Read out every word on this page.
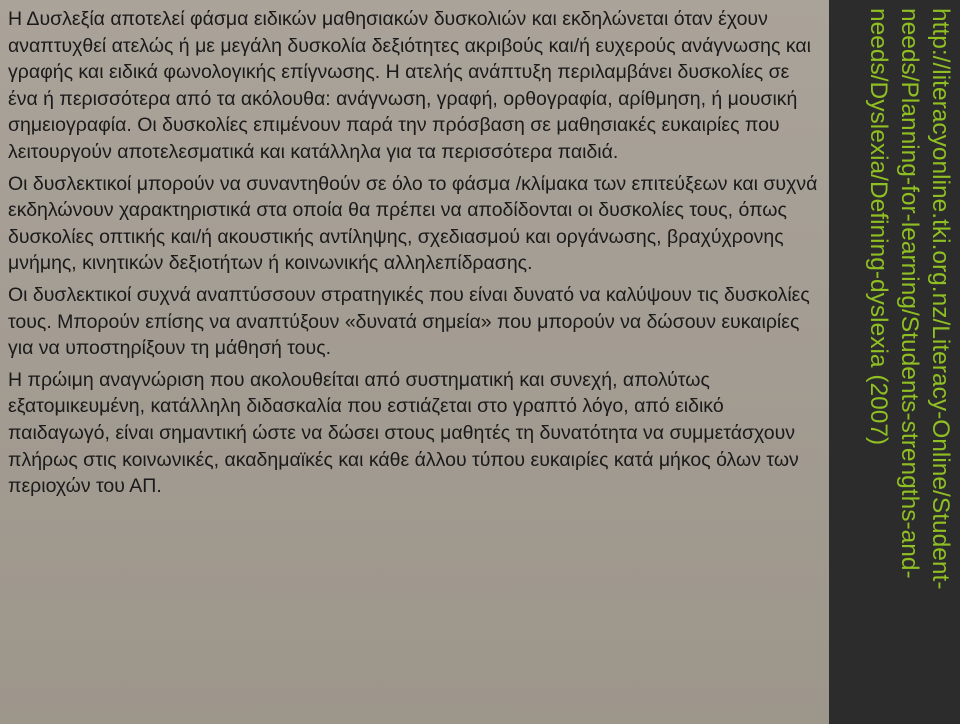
Η Δυσλεξία αποτελεί φάσμα ειδικών μαθησιακών δυσκολιών και εκδηλώνεται όταν έχουν αναπτυχθεί ατελώς ή με μεγάλη δυσκολία δεξιότητες ακριβούς και/ή ευχερούς ανάγνωσης και γραφής και ειδικά φωνολογικής επίγνωσης. Η ατελής ανάπτυξη περιλαμβάνει δυσκολίες σε ένα ή περισσότερα από τα ακόλουθα: ανάγνωση, γραφή, ορθογραφία, αρίθμηση, ή μουσική σημειογραφία. Οι δυσκολίες επιμένουν παρά την πρόσβαση σε μαθησιακές ευκαιρίες που λειτουργούν αποτελεσματικά και κατάλληλα για τα περισσότερα παιδιά.

Οι δυσλεκτικοί μπορούν να συναντηθούν σε όλο το φάσμα /κλίμακα των επιτεύξεων και συχνά εκδηλώνουν χαρακτηριστικά στα οποία θα πρέπει να αποδίδονται οι δυσκολίες τους, όπως δυσκολίες οπτικής και/ή ακουστικής αντίληψης, σχεδιασμού και οργάνωσης, βραχύχρονης μνήμης, κινητικών δεξιοτήτων ή κοινωνικής αλληλεπίδρασης.

Οι δυσλεκτικοί συχνά αναπτύσσουν στρατηγικές που είναι δυνατό να καλύψουν τις δυσκολίες τους. Μπορούν επίσης να αναπτύξουν «δυνατά σημεία» που μπορούν να δώσουν ευκαιρίες για να υποστηρίξουν τη μάθησή τους.

Η πρώιμη αναγνώριση που ακολουθείται από συστηματική και συνεχή, απολύτως εξατομικευμένη, κατάλληλη διδασκαλία που εστιάζεται στο γραπτό λόγο, από ειδικό παιδαγωγό, είναι σημαντική ώστε να δώσει στους μαθητές τη δυνατότητα να συμμετάσχουν πλήρως στις κοινωνικές, ακαδημαϊκές και κάθε άλλου τύπου ευκαιρίες κατά μήκος όλων των περιοχών του ΑΠ.	http://literacyonline.tki.org.nz/Literacy-Online/Student-needs/Planning-for-learning/Students-strengths-and-needs/Dyslexia/Defining-dyslexia (2007)
